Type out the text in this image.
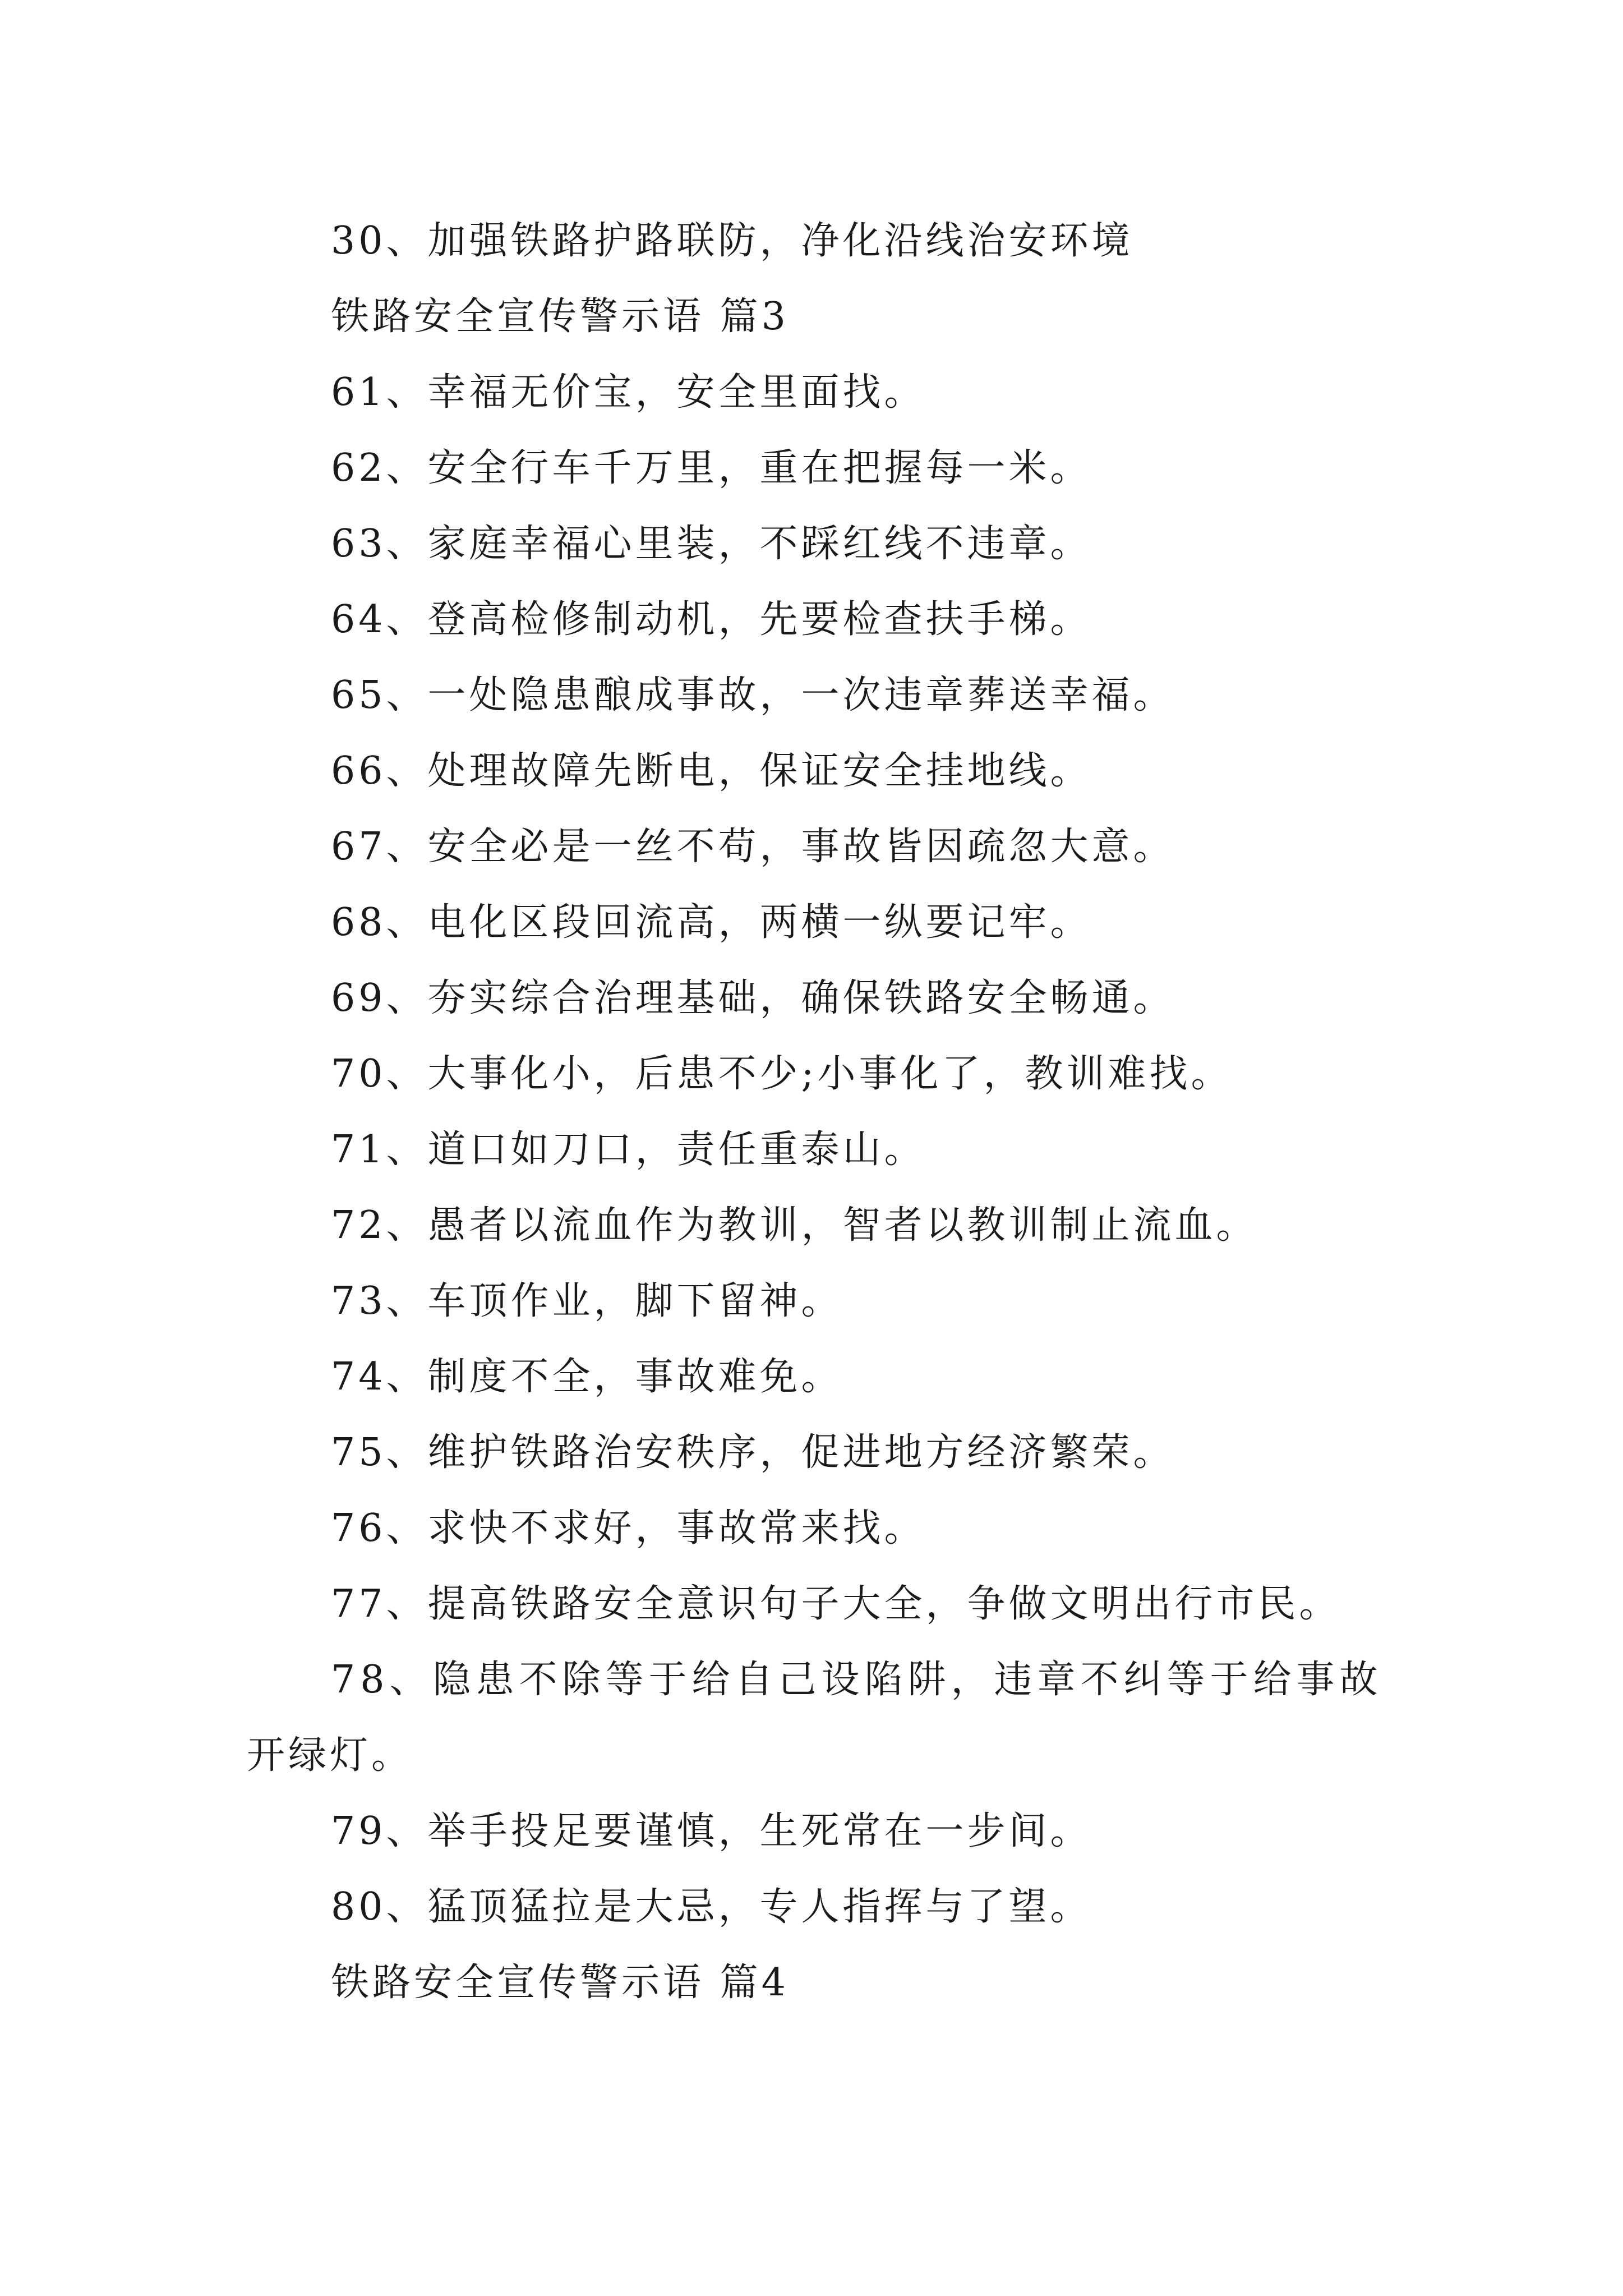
30、加强铁路护路联防，净化沿线治安环境
铁路安全宣传警示语 篇3
61、幸福无价宝，安全里面找。
62、安全行车千万里，重在把握每一米。
63、家庭幸福心里装，不踩红线不违章。
64、登高检修制动机，先要检查扶手梯。
65、一处隐患酿成事故，一次违章葬送幸福。
66、处理故障先断电，保证安全挂地线。
67、安全必是一丝不苟，事故皆因疏忽大意。
68、电化区段回流高，两横一纵要记牢。
69、夯实综合治理基础，确保铁路安全畅通。
70、大事化小，后患不少;小事化了，教训难找。
71、道口如刀口，责任重泰山。
72、愚者以流血作为教训，智者以教训制止流血。
73、车顶作业，脚下留神。
74、制度不全，事故难免。
75、维护铁路治安秩序，促进地方经济繁荣。
76、求快不求好，事故常来找。
77、提高铁路安全意识句子大全，争做文明出行市民。
78、隐患不除等于给自己设陷阱，违章不纠等于给事故
开绿灯。
79、举手投足要谨慎，生死常在一步间。
80、猛顶猛拉是大忌，专人指挥与了望。
铁路安全宣传警示语 篇4
